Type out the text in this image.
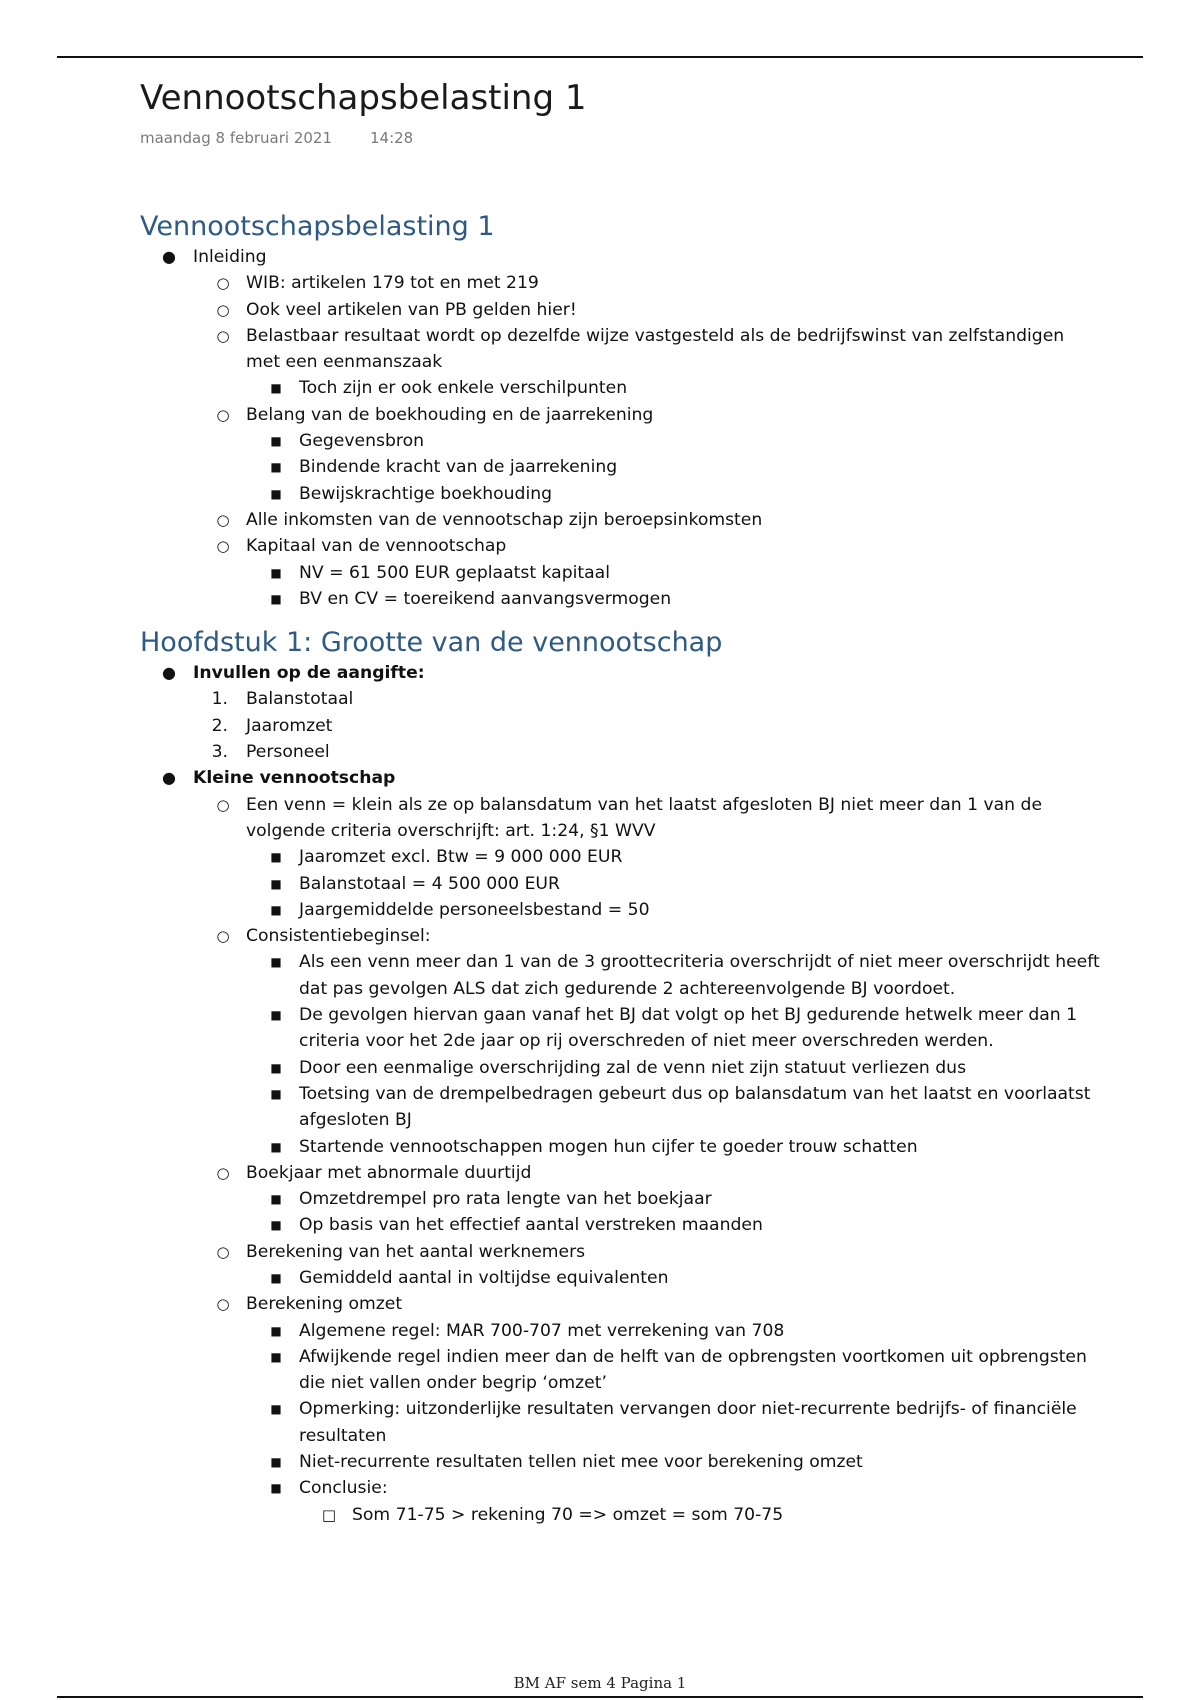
Vennootschapsbelasting 1
maandag 8 februari 2021	14:28
Vennootschapsbelasting 1
● Inleiding
○ WIB: artikelen 179 tot en met 219
○ Ook veel artikelen van PB gelden hier!
○ Belastbaar resultaat wordt op dezelfde wijze vastgesteld als de bedrijfswinst van zelfstandigen met een eenmanszaak
■	Toch zijn er ook enkele verschilpunten
○ Belang van de boekhouding en de jaarrekening
■	Gegevensbron
■	Bindende kracht van de jaarrekening
■	Bewijskrachtige boekhouding
○ Alle inkomsten van de vennootschap zijn beroepsinkomsten
○ Kapitaal van de vennootschap
■	NV = 61 500 EUR geplaatst kapitaal
■	BV en CV = toereikend aanvangsvermogen
Hoofdstuk 1: Grootte van de vennootschap
● Invullen op de aangifte:
1. Balanstotaal
2. Jaaromzet
3. Personeel
● Kleine vennootschap
○ Een venn = klein als ze op balansdatum van het laatst afgesloten BJ niet meer dan 1 van de volgende criteria overschrijft: art. 1:24, §1 WVV
■	Jaaromzet excl. Btw = 9 000 000 EUR
■	Balanstotaal = 4 500 000 EUR
■	Jaargemiddelde personeelsbestand = 50
○ Consistentiebeginsel:
■	Als een venn meer dan 1 van de 3 groottecriteria overschrijdt of niet meer overschrijdt heeft dat pas gevolgen ALS dat zich gedurende 2 achtereenvolgende BJ voordoet.
■	De gevolgen hiervan gaan vanaf het BJ dat volgt op het BJ gedurende hetwelk meer dan 1 criteria voor het 2de jaar op rij overschreden of niet meer overschreden werden.
■	Door een eenmalige overschrijding zal de venn niet zijn statuut verliezen dus
■	Toetsing van de drempelbedragen gebeurt dus op balansdatum van het laatst en voorlaatst afgesloten BJ
■	Startende vennootschappen mogen hun cijfer te goeder trouw schatten
○ Boekjaar met abnormale duurtijd
■	Omzetdrempel pro rata lengte van het boekjaar
■	Op basis van het effectief aantal verstreken maanden
○ Berekening van het aantal werknemers
■	Gemiddeld aantal in voltijdse equivalenten
○ Berekening omzet
■	Algemene regel: MAR 700-707 met verrekening van 708
■	Afwijkende regel indien meer dan de helft van de opbrengsten voortkomen uit opbrengsten die niet vallen onder begrip ‘omzet’
■	Opmerking: uitzonderlijke resultaten vervangen door niet-recurrente bedrijfs- of financiële resultaten
■	Niet-recurrente resultaten tellen niet mee voor berekening omzet
■	Conclusie:
□ Som 71-75 > rekening 70 => omzet = som 70-75
BM AF sem 4 Pagina 1
